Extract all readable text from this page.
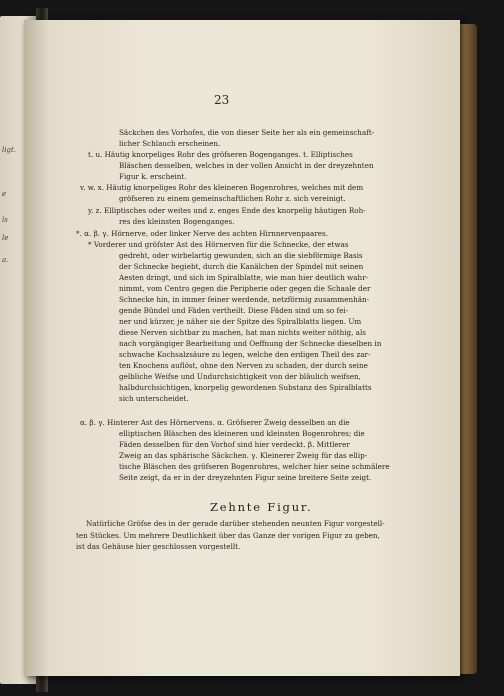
ligt.
e
ls
le
a.
23
Säckchen des Vorhofes, die von dieser Seite her als ein gemeinschaft-
licher Schlauch erscheinen.
t. u. Häutig knorpeliges Rohr des gröfseren Bogenganges. t. Elliptisches
Bläschen desselben, welches in der vollen Ansicht in der dreyzehnten
Figur k. erscheint.
v. w. x. Häutig knorpeliges Rohr des kleineren Bogenrohres, welches mit dem
gröfseren zu einem gemeinschaftlichen Rohr z. sich vereinigt.
y. z. Elliptisches oder weites und z. enges Ende des knorpelig häutigen Roh-
res des kleinsten Bogenganges.
*. α. β. γ. Hörnerve, oder linker Nerve des achten Hirnnervenpaares.
* Vorderer und gröfster Ast des Hörnerven für die Schnecke, der etwas
gedreht, oder wirbelartig gewunden, sich an die siebförmige Basis
der Schnecke begiebt, durch die Kanälchen der Spindel mit seinen
Aesten dringt, und sich im Spiralblatte, wie man hier deutlich wahr-
nimmt, vom Centro gegen die Peripherie oder gegen die Schaale der
Schnecke hin, in immer feiner werdende, netzförmig zusammenhän-
gende Bündel und Fäden vertheilt. Diese Fäden sind um so fei-
ner und kürzer, je näher sie der Spitze des Spiralblatts liegen. Um
diese Nerven sichtbar zu machen, hat man nichts weiter nöthig, als
nach vorgängiger Bearbeitung und Oeffnung der Schnecke dieselben in
schwache Kochsalzsäure zu legen, welche den erdigen Theil des zar-
ten Knochens auflöst, ohne den Nerven zu schaden, der durch seine
gelbliche Weifse und Undurchsichtigkeit von der bläulich weifsen,
halbdurchsichtigen, knorpelig gewordenen Substanz des Spiralblatts
sich unterscheidet.
α. β. γ. Hinterer Ast des Hörnervens. α. Gröfserer Zweig desselben an die
elliptischen Bläschen des kleineren und kleinsten Bogenrohres; die
Fäden desselben für den Vorhof sind hier verdeckt. β. Mittlerer
Zweig an das sphärische Säckchen. γ. Kleinerer Zweig für das ellip-
tische Bläschen des gröfseren Bogenrohres, welcher hier seine schmälere
Seite zeigt, da er in der dreyzehnten Figur seine breitere Seite zeigt.
Zehnte Figur.
Natürliche Gröfse des in der gerade darüber stehenden neunten Figur vorgestell-
ten Stückes. Um mehrere Deutlichkeit über das Ganze der vorigen Figur zu geben,
ist das Gehäuse hier geschlossen vorgestellt.
